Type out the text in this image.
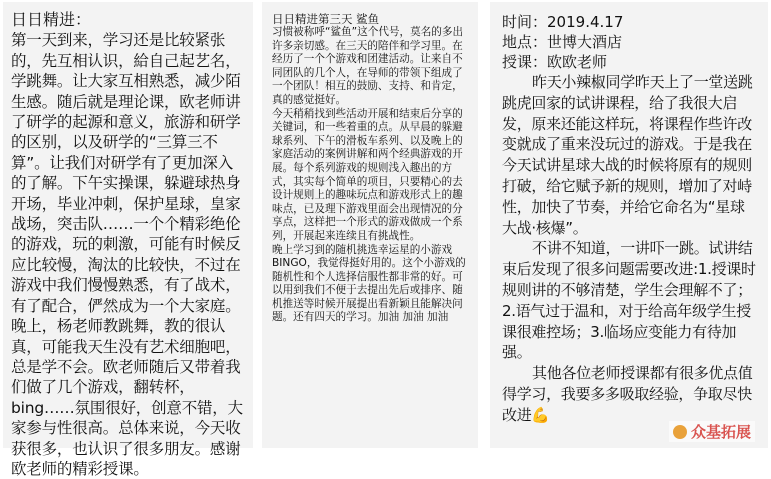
日日精进：

第一天到来，学习还是比较紧张的，先互相认识，給自己起艺名，学跳舞。让大家互相熟悉，减少陌生感。随后就是理论课，欧老师讲了研学的起源和意义，旅游和研学的区别，以及研学的“三算三不算”。让我们对研学有了更加深入的了解。下午实操课，躲避球热身开场，毕业冲刺，保护星球，皇家战场，突击队……一个个精彩绝伦的游戏，玩的刺激，可能有时候反应比较慢，淘汰的比较快，不过在游戏中我们慢慢熟悉，有了战术，有了配合，俨然成为一个大家庭。晚上，杨老师教跳舞，教的很认真，可能我天生没有艺术细胞吧，总是学不会。欧老师随后又带着我们做了几个游戏，翻转杯，bing……氛围很好，创意不错，大家参与性很高。总体来说，今天收获很多，也认识了很多朋友。感谢欧老师的精彩授课。

日日精进第三天 鲨鱼

习惯被称呼“鲨鱼”这个代号，莫名的多出许多亲切感。在三天的陪伴和学习里。在经历了一个个游戏和团建活动。让来自不同团队的几个人，在导师的带领下组成了一个团队！相互的鼓励、支持、和肯定，真的感觉挺好。

今天稍稍找到些活动开展和结束后分享的关键词，和一些着重的点。从早晨的躲避球系列、下午的滑板车系列、以及晚上的家庭活动的案例讲解和两个经典游戏的开展。每个系列游戏的规则浅入趣出的方式，其实每个简单的项目，只要精心的去设计规则上的趣味玩点和游戏形式上的趣味点，已及理下游戏里面会出现情况的分享点，这样把一个形式的游戏做成一个系列，开展起来连续且有挑战性。

晚上学习到的随机挑选幸运星的小游戏BINGO，我觉得挺好用的。这个小游戏的随机性和个人选择信服性都非常的好。可以用到我们不便于去提出先后或排序、随机推送等时候开展提出看新颖且能解决问题。还有四天的学习。加油 加油 加油

时间：2019.4.17

地点：世博大酒店

授课：欧欧老师

昨天小辣椒同学昨天上了一堂送跳跳虎回家的试讲课程，给了我很大启发，原来还能这样玩，将课程作些许改变就成了重来没玩过的游戏。于是我在今天试讲星球大战的时候将原有的规则打破，给它赋予新的规则，增加了对峙性，加快了节奏，并给它命名为“星球大战·核爆”。

不讲不知道，一讲吓一跳。试讲结束后发现了很多问题需要改进:1.授课时规则讲的不够清楚，学生会理解不了；2.语气过于温和，对于给高年级学生授课很难控场；3.临场应变能力有待加强。

其他各位老师授课都有很多优点值得学习，我要多多吸取经验，争取尽快改进💪

众基拓展
